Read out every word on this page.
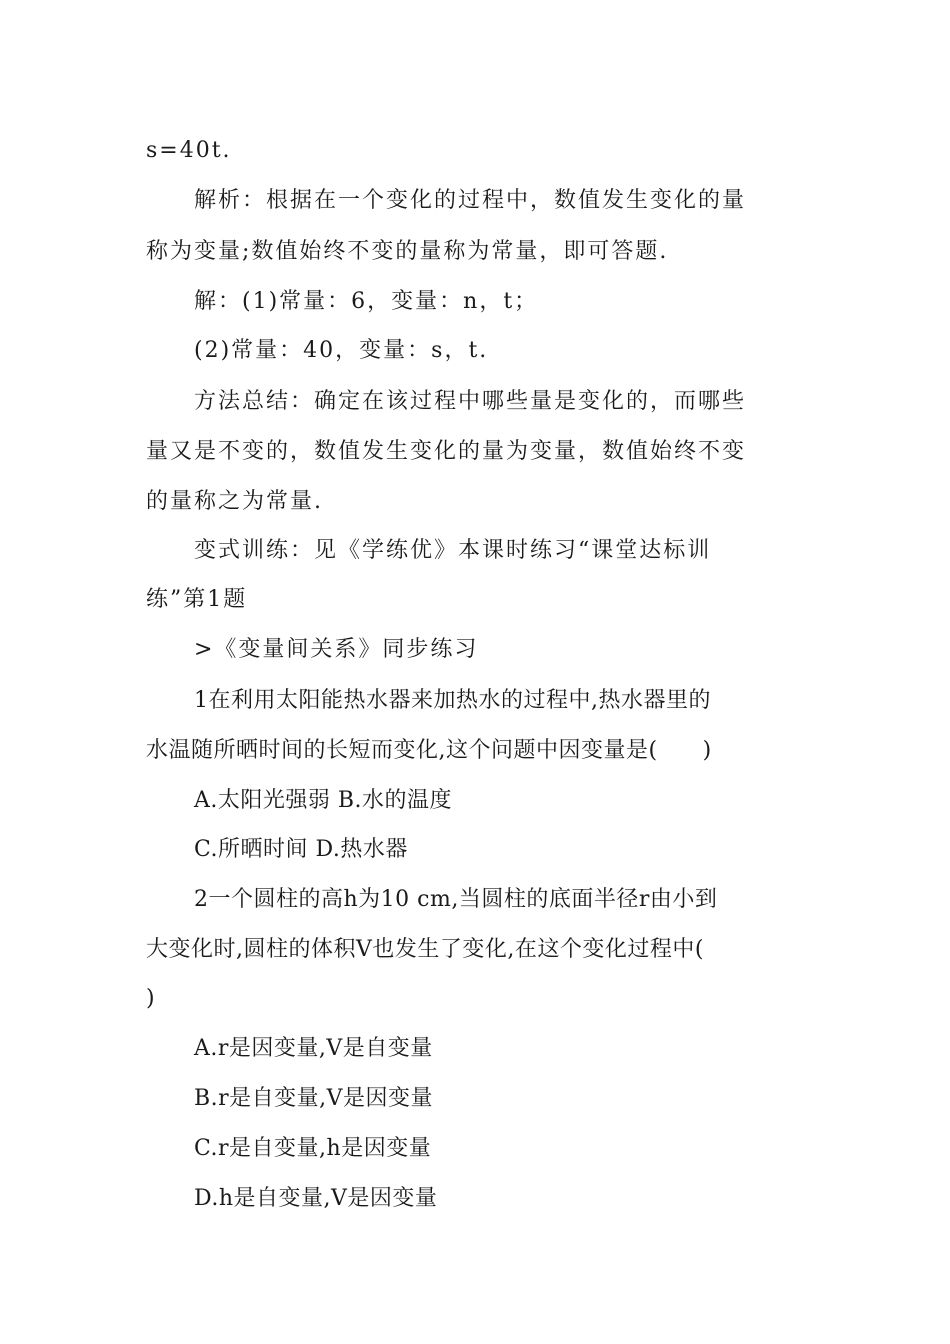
s=40t.
解析：根据在一个变化的过程中，数值发生变化的量
称为变量;数值始终不变的量称为常量，即可答题.
解：(1)常量：6，变量：n，t；
(2)常量：40，变量：s，t.
方法总结：确定在该过程中哪些量是变化的，而哪些
量又是不变的，数值发生变化的量为变量，数值始终不变
的量称之为常量.
变式训练：见《学练优》本课时练习“课堂达标训
练”第1题
>《变量间关系》同步练习
1在利用太阳能热水器来加热水的过程中,热水器里的
水温随所晒时间的长短而变化,这个问题中因变量是(　　)
A.太阳光强弱 B.水的温度
C.所晒时间 D.热水器
2一个圆柱的高h为10 cm,当圆柱的底面半径r由小到
大变化时,圆柱的体积V也发生了变化,在这个变化过程中(
)
A.r是因变量,V是自变量
B.r是自变量,V是因变量
C.r是自变量,h是因变量
D.h是自变量,V是因变量
